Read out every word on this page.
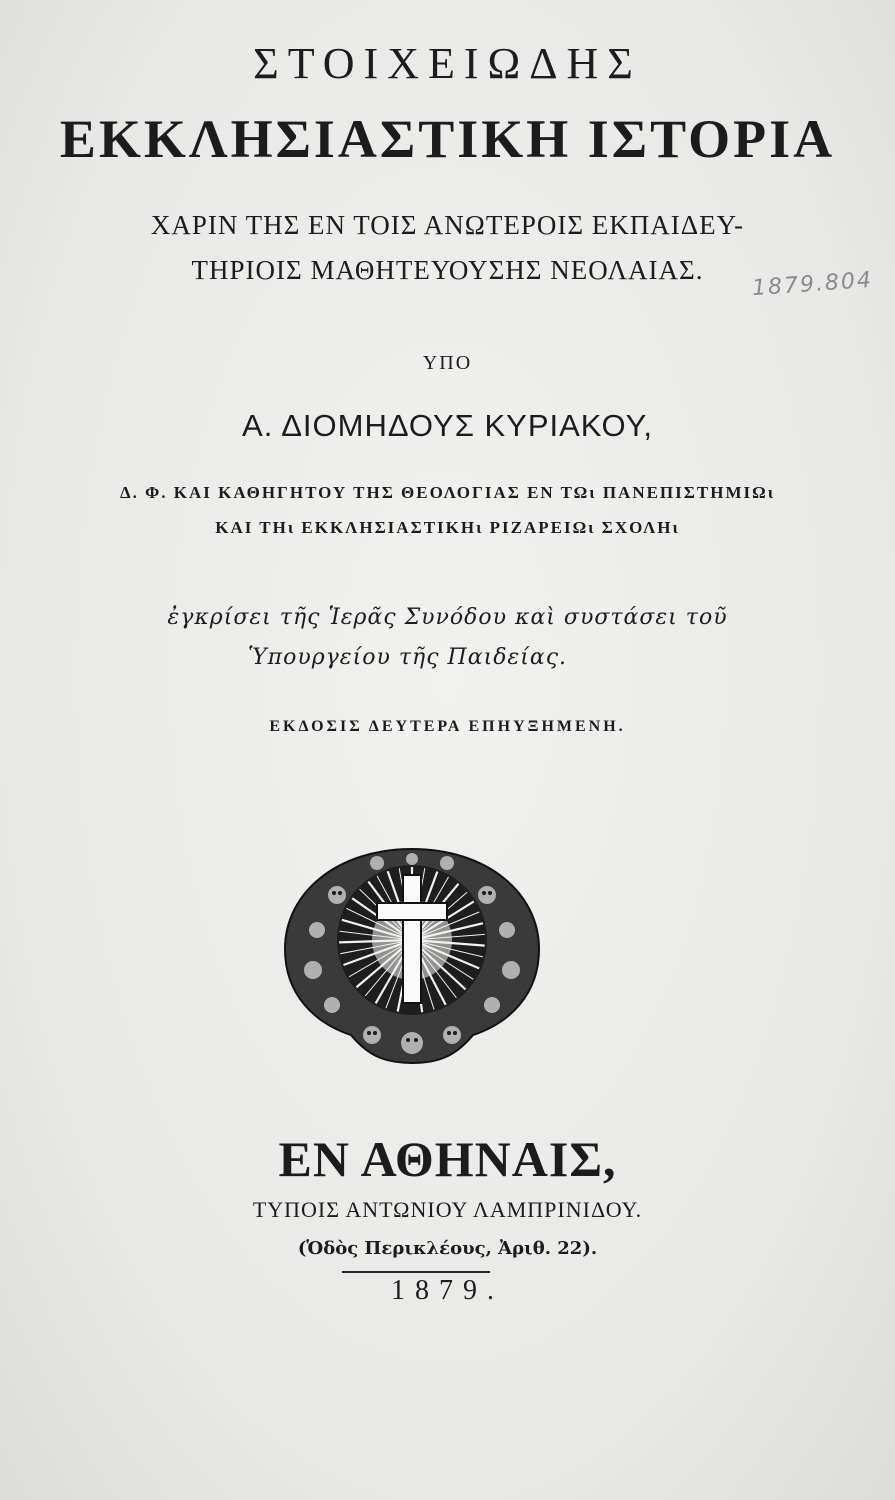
ΣΤΟΙΧΕΙΩΔΗΣ
ΕΚΚΛΗΣΙΑΣΤΙΚΗ ΙΣΤΟΡΙΑ
ΧΑΡΙΝ ΤΗΣ ΕΝ ΤΟΙΣ ΑΝΩΤΕΡΟΙΣ ΕΚΠΑΙΔΕΥ-
ΤΗΡΙΟΙΣ ΜΑΘΗΤΕΥΟΥΣΗΣ ΝΕΟΛΑΙΑΣ.	1879.804
ΥΠΟ
Α. ΔΙΟΜΗΔΟΥΣ ΚΥΡΙΑΚΟΥ,
Δ. Φ. ΚΑΙ ΚΑΘΗΓΗΤΟΥ ΤΗΣ ΘΕΟΛΟΓΙΑΣ ΕΝ ΤΩι ΠΑΝΕΠΙΣΤΗΜΙΩι
ΚΑΙ ΤΗι ΕΚΚΛΗΣΙΑΣΤΙΚΗι ΡΙΖΑΡΕΙΩι ΣΧΟΛΗι
ἐγκρίσει τῆς Ἱερᾶς Συνόδου καὶ συστάσει τοῦ
Ὑπουργείου τῆς Παιδείας.
ΕΚΔΟΣΙΣ ΔΕΥΤΕΡΑ ΕΠΗΥΞΗΜΕΝΗ.
ΕΝ ΑΘΗΝΑΙΣ,
ΤΥΠΟΙΣ ΑΝΤΩΝΙΟΥ ΛΑΜΠΡΙΝΙΔΟΥ.
(Ὁδὸς Περικλέους, Ἀριθ. 22).
1879.
